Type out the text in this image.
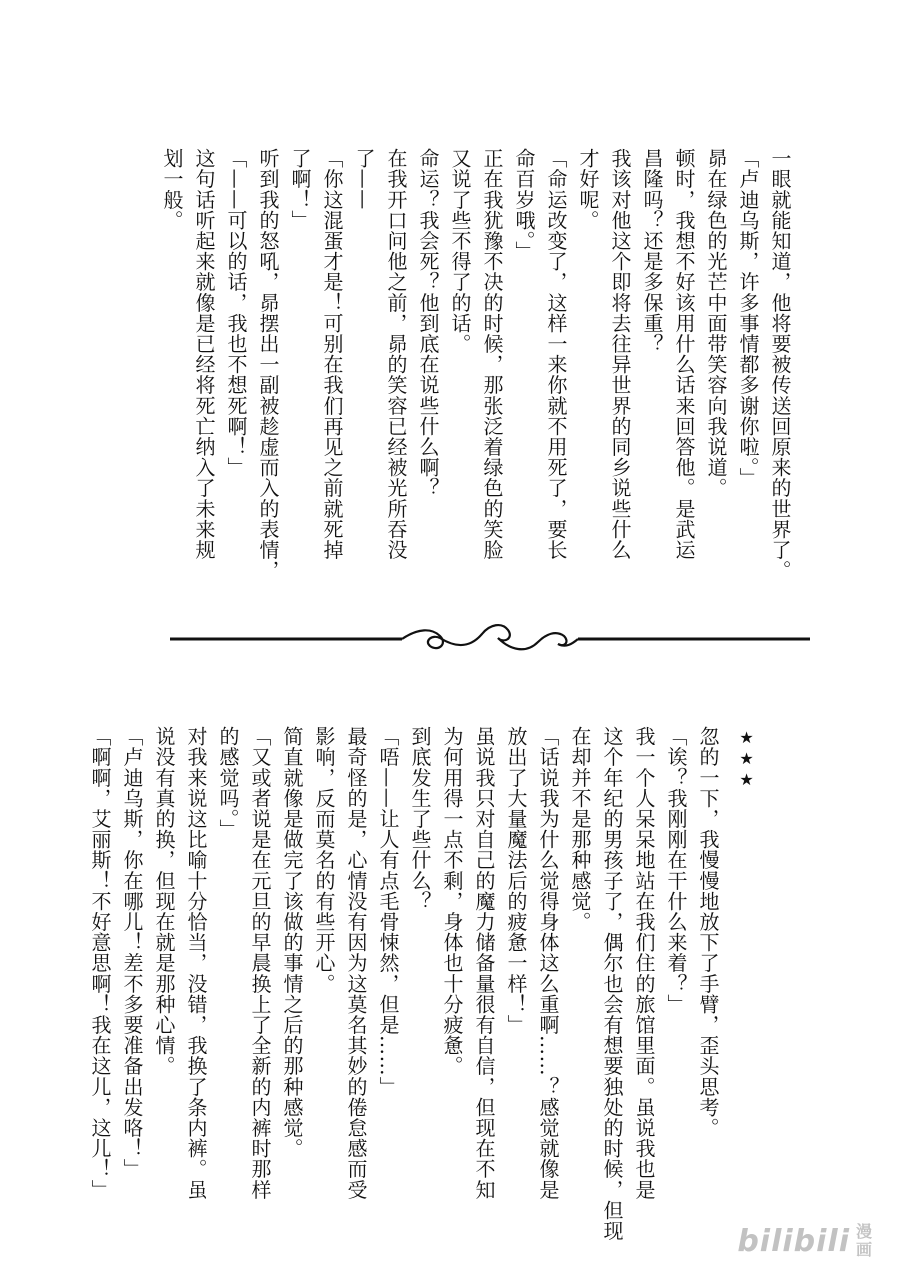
一眼就能知道，他将要被传送回原来的世界了。
「卢迪乌斯，许多事情都多谢你啦。」
昴在绿色的光芒中面带笑容向我说道。
顿时，我想不好该用什么话来回答他。是武运
昌隆吗？还是多保重？
我该对他这个即将去往异世界的同乡说些什么
才好呢。
「命运改变了，这样一来你就不用死了，要长
命百岁哦。」
正在我犹豫不决的时候，那张泛着绿色的笑脸
又说了些不得了的话。
命运？我会死？他到底在说些什么啊？
在我开口问他之前，昴的笑容已经被光所吞没
了——
「你这混蛋才是！可别在我们再见之前就死掉
了啊！」
听到我的怒吼，昴摆出一副被趁虚而入的表情，
「——可以的话，我也不想死啊！」
这句话听起来就像是已经将死亡纳入了未来规
划一般。
★★★
忽的一下，我慢慢地放下了手臂，歪头思考。
「诶？我刚刚在干什么来着？」
我一个人呆呆地站在我们住的旅馆里面。虽说我也是
这个年纪的男孩子了，偶尔也会有想要独处的时候，但现
在却并不是那种感觉。
「话说我为什么觉得身体这么重啊……？感觉就像是
放出了大量魔法后的疲惫一样！」
虽说我只对自己的魔力储备量很有自信，但现在不知
为何用得一点不剩，身体也十分疲惫。
到底发生了些什么？
「唔——让人有点毛骨悚然，但是……」
最奇怪的是，心情没有因为这莫名其妙的倦怠感而受
影响，反而莫名的有些开心。
简直就像是做完了该做的事情之后的那种感觉。
「又或者说是在元旦的早晨换上了全新的内裤时那样
的感觉吗。」
对我来说这比喻十分恰当，没错，我换了条内裤。虽
说没有真的换，但现在就是那种心情。
「卢迪乌斯，你在哪儿！差不多要准备出发咯！」
「啊啊，艾丽斯！不好意思啊！我在这儿，这儿！」
bilibili 漫
画
